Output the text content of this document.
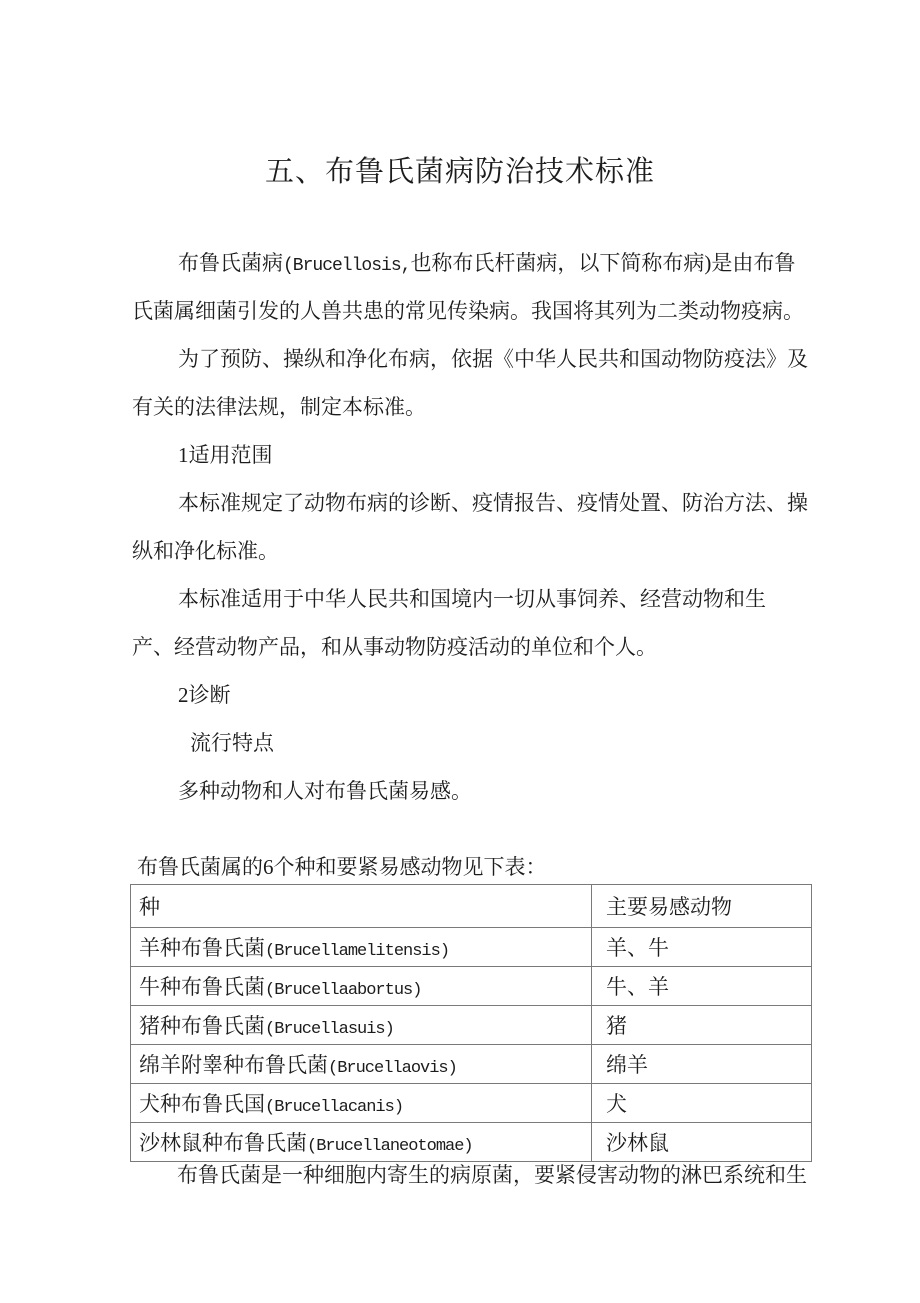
五、布鲁氏菌病防治技术标准
布鲁氏菌病(Brucellosis,也称布氏杆菌病，以下简称布病)是由布鲁
氏菌属细菌引发的人兽共患的常见传染病。我国将其列为二类动物疫病。
为了预防、操纵和净化布病，依据《中华人民共和国动物防疫法》及
有关的法律法规，制定本标准。
1适用范围
本标准规定了动物布病的诊断、疫情报告、疫情处置、防治方法、操
纵和净化标准。
本标准适用于中华人民共和国境内一切从事饲养、经营动物和生
产、经营动物产品，和从事动物防疫活动的单位和个人。
2诊断
流行特点
多种动物和人对布鲁氏菌易感。
布鲁氏菌属的6个种和要紧易感动物见下表：
种	主要易感动物
羊种布鲁氏菌(Brucellamelitensis)	羊、牛
牛种布鲁氏菌(Brucellaabortus)	牛、羊
猪种布鲁氏菌(Brucellasuis)	猪
绵羊附睾种布鲁氏菌(Brucellaovis)	绵羊
犬种布鲁氏国(Brucellacanis)	犬
沙林鼠种布鲁氏菌(Brucellaneotomae)	沙林鼠
布鲁氏菌是一种细胞内寄生的病原菌，要紧侵害动物的淋巴系统和生
